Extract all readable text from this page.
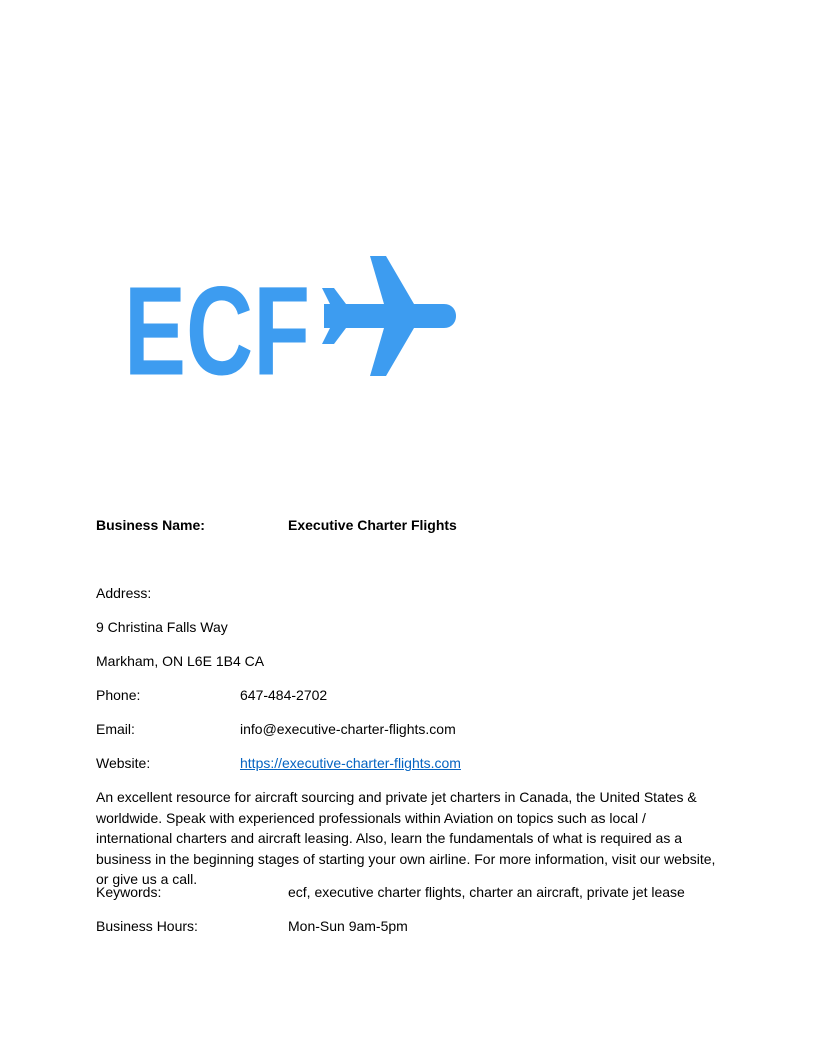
ECF
Business Name:	Executive Charter Flights
Address:
9 Christina Falls Way
Markham, ON L6E 1B4 CA
Phone:	647-484-2702
Email:	info@executive-charter-flights.com
Website:	https://executive-charter-flights.com
An excellent resource for aircraft sourcing and private jet charters in Canada, the United States & worldwide. Speak with experienced professionals within Aviation on topics such as local / international charters and aircraft leasing. Also, learn the fundamentals of what is required as a business in the beginning stages of starting your own airline. For more information, visit our website, or give us a call.
Keywords:	ecf, executive charter flights, charter an aircraft, private jet lease
Business Hours:	Mon-Sun 9am-5pm
